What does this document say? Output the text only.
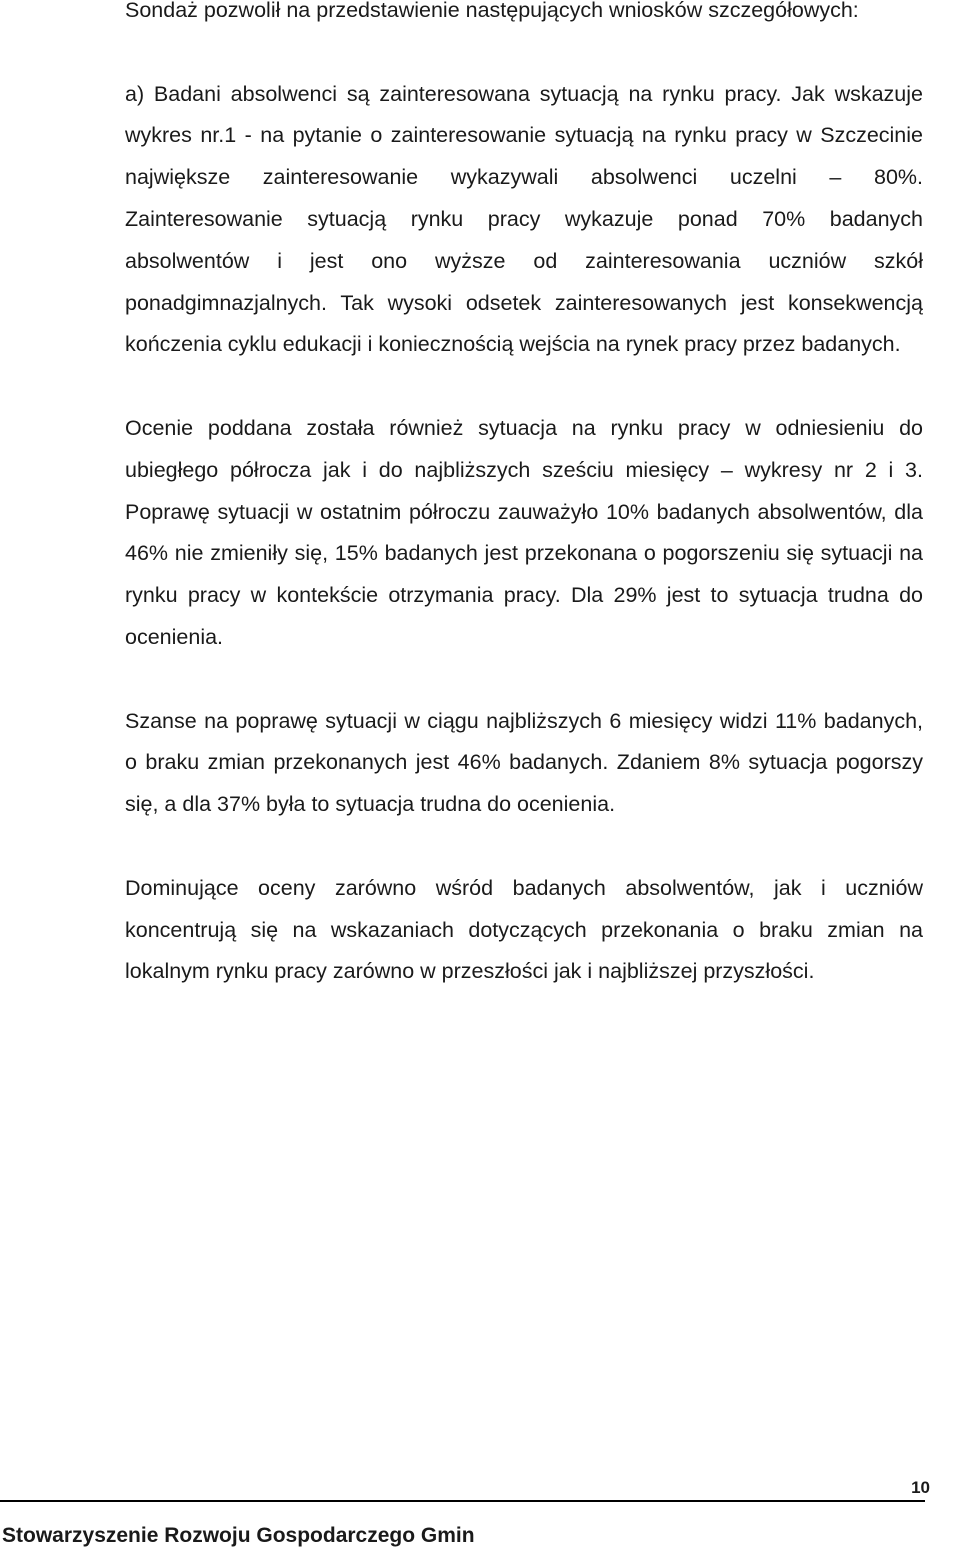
Sondaż pozwolił na przedstawienie następujących wniosków szczegółowych:

a) Badani absolwenci są zainteresowana sytuacją na rynku pracy. Jak wskazuje wykres nr.1 - na pytanie o zainteresowanie sytuacją na rynku pracy w Szczecinie największe zainteresowanie wykazywali absolwenci uczelni – 80%. Zainteresowanie sytuacją rynku pracy wykazuje ponad 70% badanych absolwentów i jest ono wyższe od zainteresowania uczniów szkół ponadgimnazjalnych. Tak wysoki odsetek zainteresowanych jest konsekwencją kończenia cyklu edukacji i koniecznością wejścia na rynek pracy przez badanych.

Ocenie poddana została również sytuacja na rynku pracy w odniesieniu do ubiegłego półrocza jak i do najbliższych sześciu miesięcy – wykresy nr 2 i 3. Poprawę sytuacji w ostatnim półroczu zauważyło 10% badanych absolwentów, dla 46% nie zmieniły się, 15% badanych jest przekonana o pogorszeniu się sytuacji na rynku pracy w kontekście otrzymania pracy. Dla 29% jest to sytuacja trudna do ocenienia.

Szanse na poprawę sytuacji w ciągu najbliższych 6 miesięcy widzi 11% badanych, o braku zmian przekonanych jest 46% badanych. Zdaniem 8% sytuacja pogorszy się, a dla 37% była to sytuacja trudna do ocenienia.

Dominujące oceny zarówno wśród badanych absolwentów, jak i uczniów koncentrują się na wskazaniach dotyczących przekonania o braku zmian na lokalnym rynku pracy zarówno w przeszłości jak i najbliższej przyszłości.

10
Stowarzyszenie Rozwoju Gospodarczego Gmin
